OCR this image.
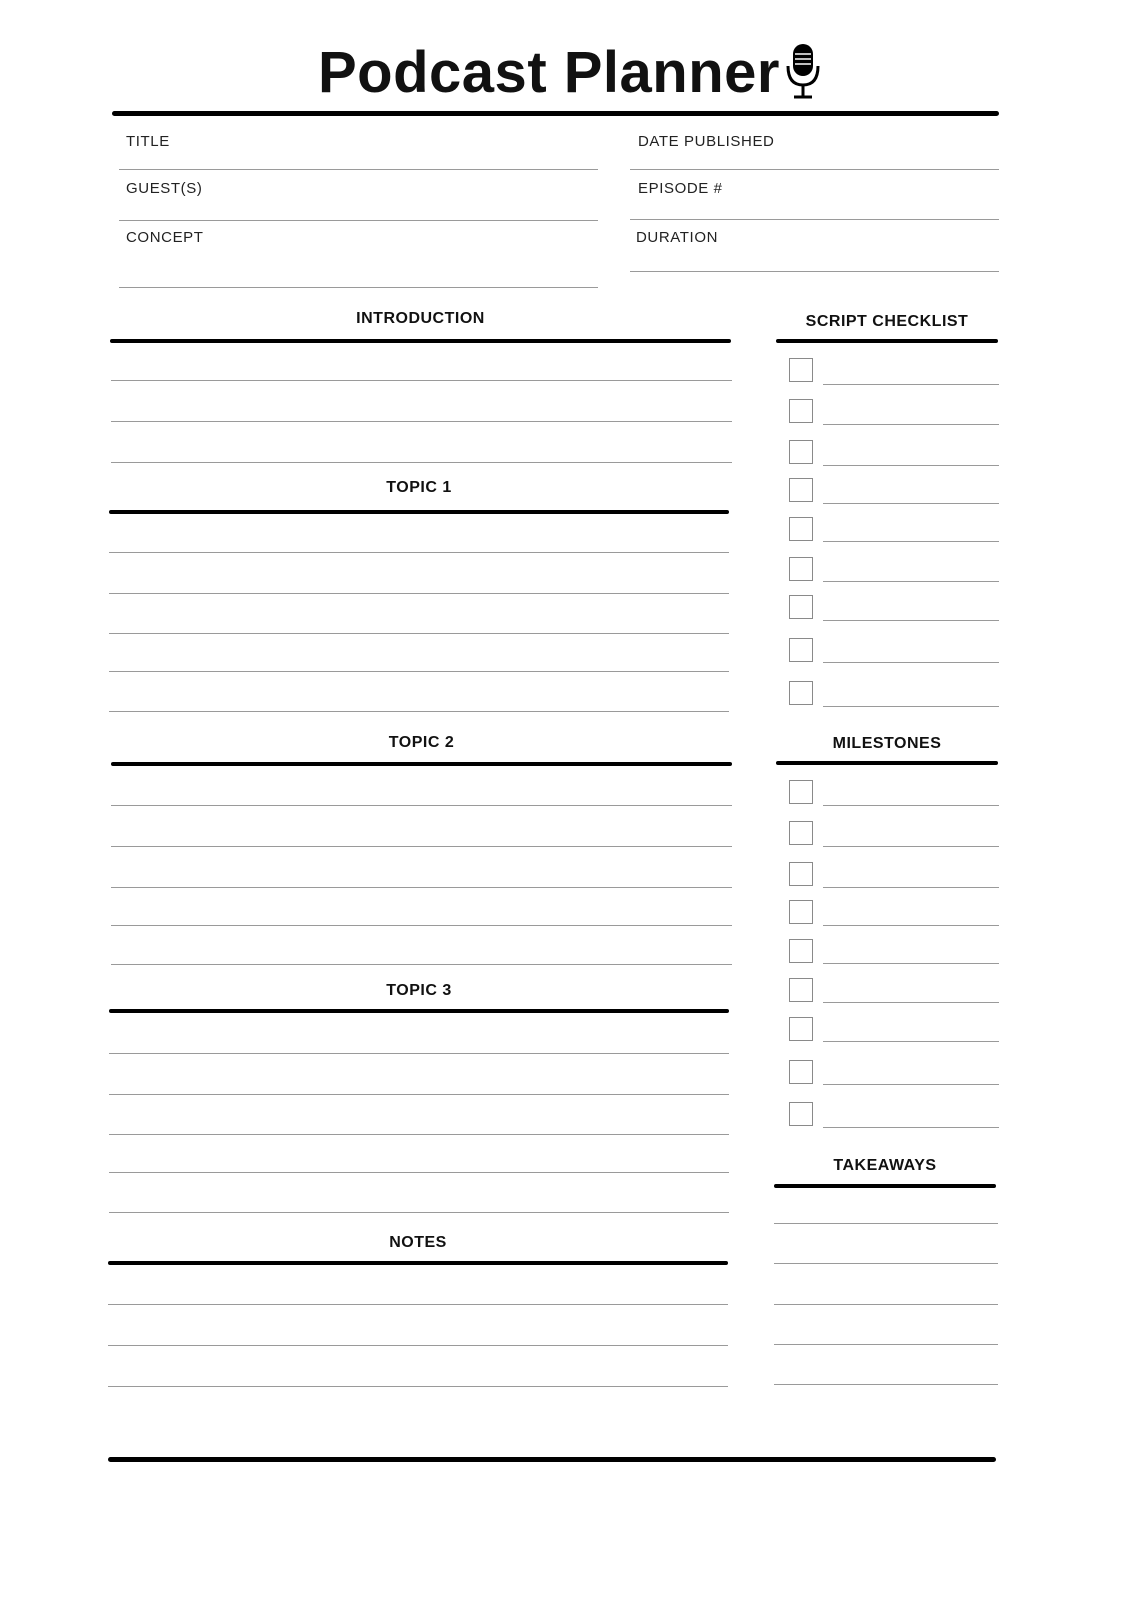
Podcast Planner
TITLE
GUEST(S)
CONCEPT
DATE PUBLISHED
EPISODE #
DURATION
INTRODUCTION
TOPIC 1
TOPIC 2
TOPIC 3
NOTES
SCRIPT CHECKLIST
MILESTONES
TAKEAWAYS
